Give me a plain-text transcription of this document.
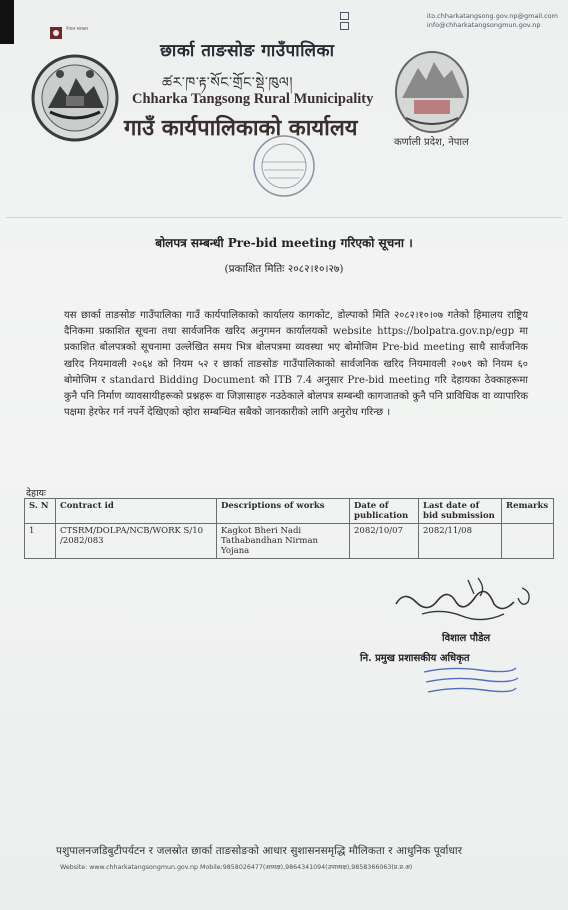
ito.chharkatangsong.gov.np@gmail.com
info@chharkatangsongmun.gov.np
नेपाल सरकार
छार्का ताङसोङ गाउँपालिका
ཚར་ཁ་རྟ་སོང་གྲོང་སྡེ་ཁུལ།
Chharka Tangsong Rural Municipality
गाउँ कार्यपालिकाको कार्यालय
कर्णाली प्रदेश, नेपाल
बोलपत्र सम्बन्धी Pre-bid meeting गरिएको सूचना ।
(प्रकाशित मितिः २०८२।१०।२७)
यस छार्का ताङसोङ गाउँपालिका गाउँ कार्यपालिकाको कार्यालय कागकोट, डोल्पाको मिति २०८२।१०।०७ गतेको हिमालय राष्ट्रिय दैनिकमा प्रकाशित सूचना तथा सार्वजनिक खरिद अनुगमन कार्यालयको website https://bolpatra.gov.np/egp मा प्रकाशित बोलपत्रको सूचनामा उल्लेखित समय भित्र बोलपत्रमा व्यवस्था भए बोमोजिम Pre-bid meeting साथै सार्वजनिक खरिद नियमावली २०६४ को नियम ५२ र छार्का ताङसोङ गाउँपालिकाको सार्वजनिक खरिद नियमावली २०७९ को नियम ६० बोमोजिम र standard Bidding Document को ITB 7.4 अनुसार Pre-bid meeting गरि देहायका ठेक्काहरूमा कुनै पनि निर्माण व्यावसायीहरूको प्रश्नहरू वा जिज्ञासाहरु नउठेकाले बोलपत्र सम्बन्धी कागजातको कुनै पनि प्राविधिक वा व्यापारिक पक्षमा हेरफेर गर्न नपर्ने देखिएको व्होरा सम्बन्धित सबैको जानकारीको लागि अनुरोध गरिन्छ ।
देहायः
S. N	Contract id	Descriptions of works	Date of publication	Last date of bid submission	Remarks
1	CTSRM/DOLPA/NCB/WORK S/10 /2082/083	Kagkot Bheri Nadi Tathabandhan Nirman Yojana	2082/10/07	2082/11/08	
विशाल पौडेल
नि. प्रमुख प्रशासकीय अधिकृत
पशुपालनजडिबुटीपर्यटन र जलस्रोत छार्का ताङसोङको आधार सुशासनसमृद्धि मौलिकता र आधुनिक पूर्वाधार
Website: www.chharkatangsongmun.gov.np Mobile:9858026477(अध्यक्ष),9864341094(उपाध्यक्ष),9858366063(प्र.प्र.अ)
